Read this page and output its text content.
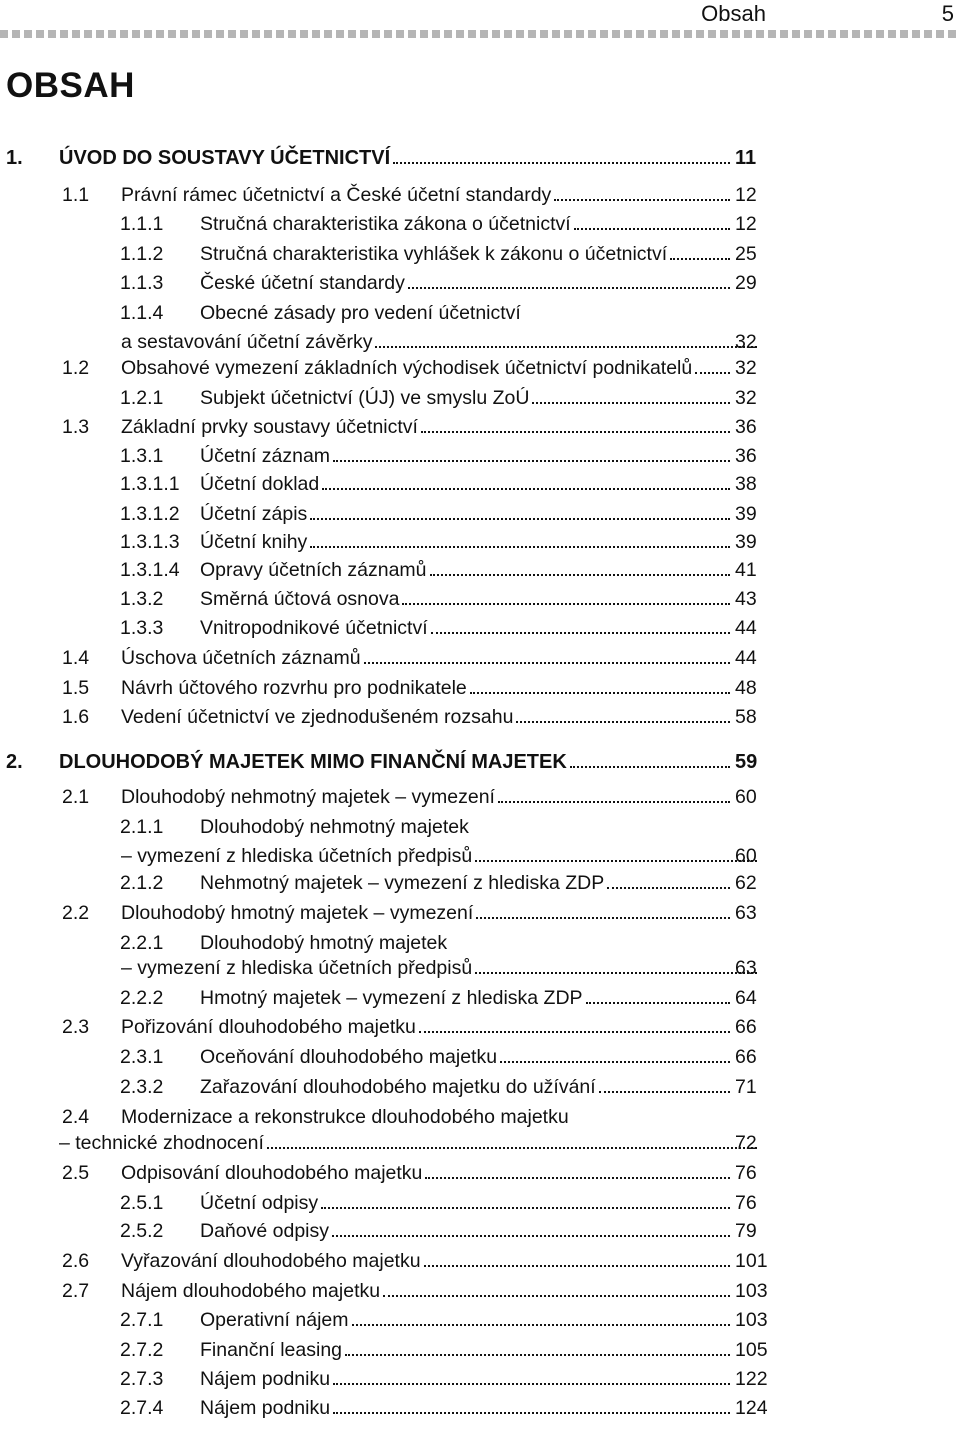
Obsah	5
OBSAH
1. ÚVOD DO SOUSTAVY ÚČETNICTVÍ	11
1.1 Právní rámec účetnictví a České účetní standardy	12
1.1.1 Stručná charakteristika zákona o účetnictví	12
1.1.2 Stručná charakteristika vyhlášek k zákonu o účetnictví	25
1.1.3 České účetní standardy	29
1.1.4 Obecné zásady pro vedení účetnictví
a sestavování účetní závěrky	32
1.2 Obsahové vymezení základních východisek účetnictví podnikatelů 32
1.2.1 Subjekt účetnictví (ÚJ) ve smyslu ZoÚ	32
1.3 Základní prvky soustavy účetnictví	36
1.3.1 Účetní záznam	36
1.3.1.1 Účetní doklad	38
1.3.1.2 Účetní zápis	39
1.3.1.3 Účetní knihy	39
1.3.1.4 Opravy účetních záznamů	41
1.3.2 Směrná účtová osnova	43
1.3.3 Vnitropodnikové účetnictví	44
1.4 Úschova účetních záznamů	44
1.5 Návrh účtového rozvrhu pro podnikatele	48
1.6 Vedení účetnictví ve zjednodušeném rozsahu	58
2. DLOUHODOBÝ MAJETEK MIMO FINANČNÍ MAJETEK	59
2.1 Dlouhodobý nehmotný majetek – vymezení	60
2.1.1 Dlouhodobý nehmotný majetek
– vymezení z hlediska účetních předpisů	60
2.1.2 Nehmotný majetek – vymezení z hlediska ZDP	62
2.2 Dlouhodobý hmotný majetek – vymezení	63
2.2.1 Dlouhodobý hmotný majetek
– vymezení z hlediska účetních předpisů	63
2.2.2 Hmotný majetek – vymezení z hlediska ZDP	64
2.3 Pořizování dlouhodobého majetku	66
2.3.1 Oceňování dlouhodobého majetku	66
2.3.2 Zařazování dlouhodobého majetku do užívání	71
2.4 Modernizace a rekonstrukce dlouhodobého majetku
– technické zhodnocení	72
2.5 Odpisování dlouhodobého majetku	76
2.5.1 Účetní odpisy	76
2.5.2 Daňové odpisy	79
2.6 Vyřazování dlouhodobého majetku	101
2.7 Nájem dlouhodobého majetku	103
2.7.1 Operativní nájem	103
2.7.2 Finanční leasing	105
2.7.3 Nájem podniku	122
2.7.4 Nájem podniku	124
